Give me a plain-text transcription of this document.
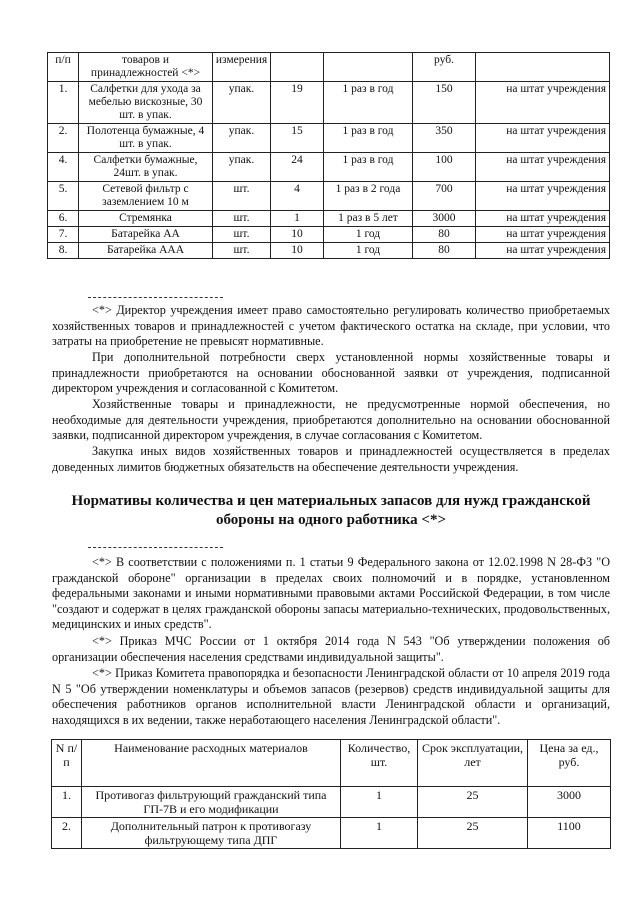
п/п	товаров и принадлежностей <*>	измерения			руб.	
1.	Салфетки для ухода за мебелью вискозные, 30 шт. в упак.	упак.	19	1 раз в год	150	на штат учреждения
2.	Полотенца бумажные, 4 шт. в упак.	упак.	15	1 раз в год	350	на штат учреждения
4.	Салфетки бумажные, 24шт. в упак.	упак.	24	1 раз в год	100	на штат учреждения
5.	Сетевой фильтр с заземлением 10 м	шт.	4	1 раз в 2 года	700	на штат учреждения
6.	Стремянка	шт.	1	1 раз в 5 лет	3000	на штат учреждения
7.	Батарейка АА	шт.	10	1 год	80	на штат учреждения
8.	Батарейка ААА	шт.	10	1 год	80	на штат учреждения

<*> Директор учреждения имеет право самостоятельно регулировать количество приобретаемых хозяйственных товаров и принадлежностей с учетом фактического остатка на складе, при условии, что затраты на приобретение не превысят нормативные.

При дополнительной потребности сверх установленной нормы хозяйственные товары и принадлежности приобретаются на основании обоснованной заявки от учреждения, подписанной директором учреждения и согласованной с Комитетом.

Хозяйственные товары и принадлежности, не предусмотренные нормой обеспечения, но необходимые для деятельности учреждения, приобретаются дополнительно на основании обоснованной заявки, подписанной директором учреждения, в случае согласования с Комитетом.

Закупка иных видов хозяйственных товаров и принадлежностей осуществляется в пределах доведенных лимитов бюджетных обязательств на обеспечение деятельности учреждения.

Нормативы количества и цен материальных запасов для нужд гражданской обороны на одного работника <*>

<*> В соответствии с положениями п. 1 статьи 9 Федерального закона от 12.02.1998 N 28-ФЗ "О гражданской обороне" организации в пределах своих полномочий и в порядке, установленном федеральными законами и иными нормативными правовыми актами Российской Федерации, в том числе "создают и содержат в целях гражданской обороны запасы материально-технических, продовольственных, медицинских и иных средств".

<*> Приказ МЧС России от 1 октября 2014 года N 543 "Об утверждении положения об организации обеспечения населения средствами индивидуальной защиты".

<*> Приказ Комитета правопорядка и безопасности Ленинградской области от 10 апреля 2019 года N 5 "Об утверждении номенклатуры и объемов запасов (резервов) средств индивидуальной защиты для обеспечения работников органов исполнительной власти Ленинградской области и организаций, находящихся в их ведении, также неработающего населения Ленинградской области".

N п/п	Наименование расходных материалов	Количество, шт.	Срок эксплуатации, лет	Цена за ед., руб.
1.	Противогаз фильтрующий гражданский типа ГП-7В и его модификации	1	25	3000
2.	Дополнительный патрон к противогазу фильтрующему типа ДПГ	1	25	1100
